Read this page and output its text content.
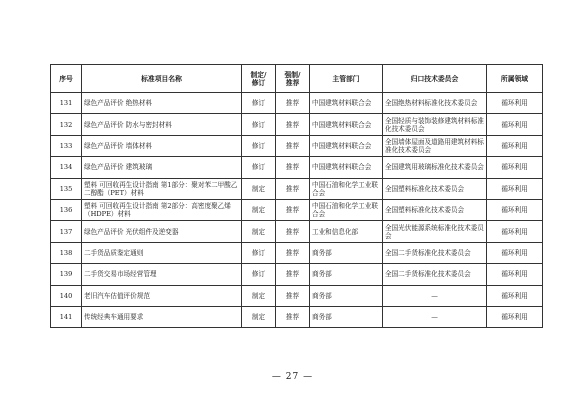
序号	标准项目名称	制定/修订	强制/推荐	主管部门	归口技术委员会	所属领域
131	绿色产品评价 绝热材料	修订	推荐	中国建筑材料联合会	全国绝热材料标准化技术委员会	循环利用
132	绿色产品评价 防水与密封材料	修订	推荐	中国建筑材料联合会	全国轻质与装饰装修建筑材料标准化技术委员会	循环利用
133	绿色产品评价 墙体材料	修订	推荐	中国建筑材料联合会	全国墙体屋面及道路用建筑材料标准化技术委员会	循环利用
134	绿色产品评价 建筑玻璃	修订	推荐	中国建筑材料联合会	全国建筑用玻璃标准化技术委员会	循环利用
135	塑料 可回收再生设计指南 第1部分：聚对苯二甲酸乙二醇酯（PET）材料	制定	推荐	中国石油和化学工业联合会	全国塑料标准化技术委员会	循环利用
136	塑料 可回收再生设计指南 第2部分：高密度聚乙烯（HDPE）材料	制定	推荐	中国石油和化学工业联合会	全国塑料标准化技术委员会	循环利用
137	绿色产品评价 光伏组件及逆变器	制定	推荐	工业和信息化部	全国光伏能源系统标准化技术委员会	循环利用
138	二手货品质鉴定通则	修订	推荐	商务部	全国二手货标准化技术委员会	循环利用
139	二手货交易市场经营管理	修订	推荐	商务部	全国二手货标准化技术委员会	循环利用
140	老旧汽车估值评价规范	制定	推荐	商务部	—	循环利用
141	传统经典车通用要求	制定	推荐	商务部	—	循环利用
— 27 —
